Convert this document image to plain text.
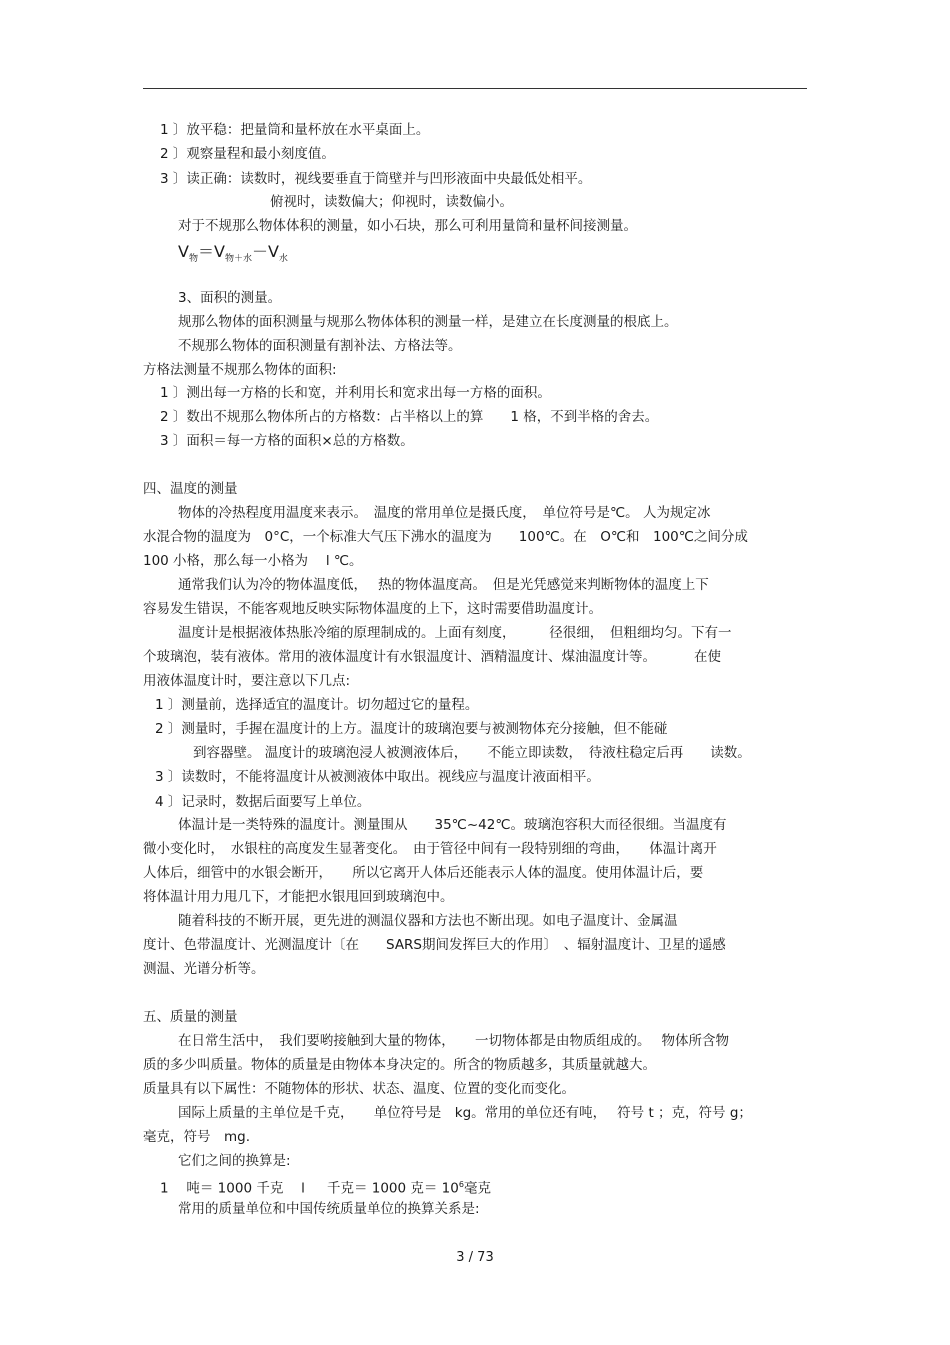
1 〕放平稳：把量筒和量杯放在水平桌面上。
2 〕观察量程和最小刻度值。
3 〕读正确：读数时，视线要垂直于筒壁并与凹形液面中央最低处相平。
俯视时，读数偏大；仰视时，读数偏小。
对于不规那么物体体积的测量，如小石块，那么可利用量筒和量杯间接测量。
$V_物=V_{物+水}-V_水$
3、面积的测量。
规那么物体的面积测量与规那么物体体积的测量一样，是建立在长度测量的根底上。
不规那么物体的面积测量有割补法、方格法等。
方格法测量不规那么物体的面积:
1 〕测出每一方格的长和宽，并利用长和宽求出每一方格的面积。
2 〕数出不规那么物体所占的方格数：占半格以上的算　　1 格，不到半格的舍去。
3 〕面积＝每一方格的面积×总的方格数。
四、温度的测量
物体的冷热程度用温度来表示。　温度的常用单位是摄氏度，　单位符号是℃。 人为规定冰
水混合物的温度为　0°C，一个标准大气压下沸水的温度为　　100℃。在　O℃和　100℃之间分成
100 小格，那么每一小格为　 l ℃。
通常我们认为冷的物体温度低，　 热的物体温度高。　但是光凭感觉来判断物体的温度上下
容易发生错误，不能客观地反映实际物体温度的上下，这时需要借助温度计。
温度计是根据液体热胀冷缩的原理制成的。上面有刻度，　　　径很细，　但粗细均匀。下有一
个玻璃泡，装有液体。常用的液体温度计有水银温度计、酒精温度计、煤油温度计等。　　　 在使
用液体温度计时，要注意以下几点:
1 〕测量前，选择适宜的温度计。切勿超过它的量程。
2 〕测量时，手握在温度计的上方。温度计的玻璃泡要与被测物体充分接触，但不能碰
到容器壁。 温度计的玻璃泡浸人被测液体后，　　不能立即读数，　待液柱稳定后再　　读数。
3 〕读数时，不能将温度计从被测液体中取出。视线应与温度计液面相平。
4 〕记录时，数据后面要写上单位。
体温计是一类特殊的温度计。测量围从　　35℃~42℃。玻璃泡容积大而径很细。当温度有
微小变化时，　水银柱的高度发生显著变化。　由于管径中间有一段特别细的弯曲，　　体温计离开
人体后，细管中的水银会断开，　　所以它离开人体后还能表示人体的温度。使用体温计后，要
将体温计用力甩几下，才能把水银甩回到玻璃泡中。
随着科技的不断开展，更先进的测温仪器和方法也不断出现。如电子温度计、金属温
度计、色带温度计、光测温度计〔在　　SARS期间发挥巨大的作用〕　、辐射温度计、卫星的遥感
测温、光谱分析等。
五、质量的测量
在日常生活中，　我们要哟接触到大量的物体，　　一切物体都是由物质组成的。　 物体所含物
质的多少叫质量。物体的质量是由物体本身决定的。所含的物质越多，其质量就越大。
质量具有以下属性：不随物体的形状、状态、温度、位置的变化而变化。
国际上质量的主单位是千克，　　单位符号是　kg。常用的单位还有吨，　 符号 t ；克，符号 g；
毫克，符号　mg.
它们之间的换算是:
1　 吨＝ 1000 千克　 l 　 千克＝ 1000 克＝ $10^6$毫克
常用的质量单位和中国传统质量单位的换算关系是:
3 / 73
